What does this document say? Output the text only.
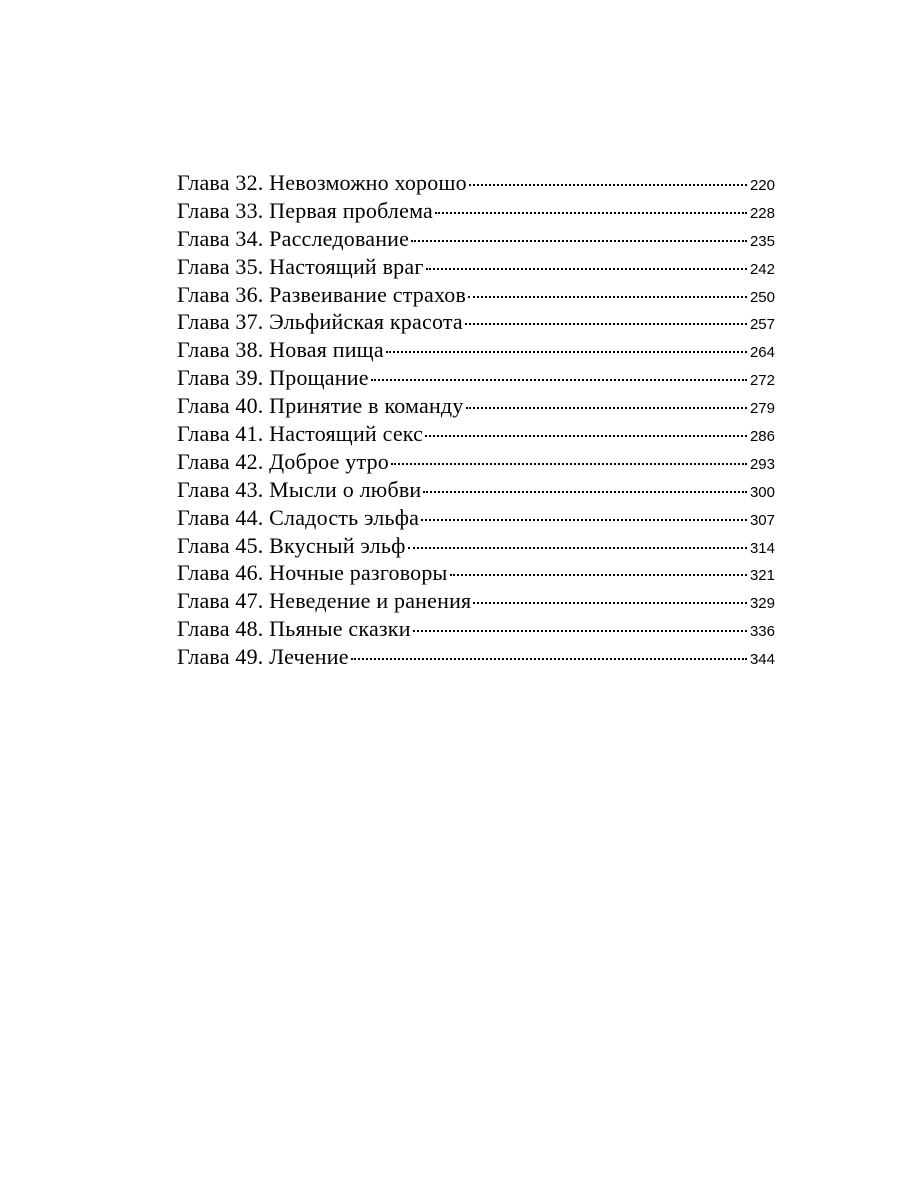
Глава 32. Невозможно хорошо	220
Глава 33. Первая проблема	228
Глава 34. Расследование	235
Глава 35. Настоящий враг	242
Глава 36. Развеивание страхов	250
Глава 37. Эльфийская красота	257
Глава 38. Новая пища	264
Глава 39. Прощание	272
Глава 40. Принятие в команду	279
Глава 41. Настоящий секс	286
Глава 42. Доброе утро	293
Глава 43. Мысли о любви	300
Глава 44. Сладость эльфа	307
Глава 45. Вкусный эльф	314
Глава 46. Ночные разговоры	321
Глава 47. Неведение и ранения	329
Глава 48. Пьяные сказки	336
Глава 49. Лечение	344
